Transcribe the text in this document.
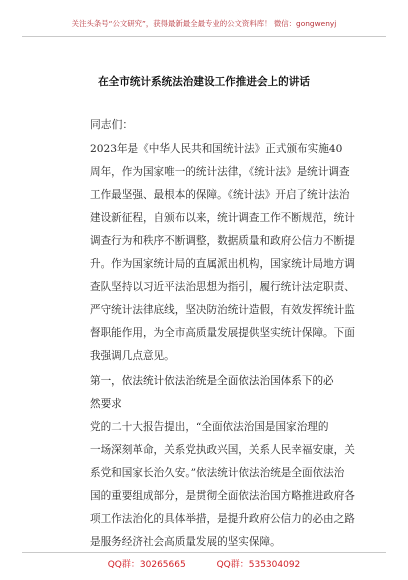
关注头条号“公文研究”，获得最新最全最专业的公文资料库！ 微信：gongwenyj
在全市统计系统法治建设工作推进会上的讲话
同志们：
2023年是《中华人民共和国统计法》正式颁布实施40
周年，作为国家唯一的统计法律，《统计法》是统计调查
工作最坚强、最根本的保障。《统计法》开启了统计法治
建设新征程，自颁布以来，统计调查工作不断规范，统计
调查行为和秩序不断调整，数据质量和政府公信力不断提
升。作为国家统计局的直属派出机构，国家统计局地方调
查队坚持以习近平法治思想为指引，履行统计法定职责、
严守统计法律底线，坚决防治统计造假，有效发挥统计监
督职能作用，为全市高质量发展提供坚实统计保障。下面
我强调几点意见。
第一，依法统计依法治统是全面依法治国体系下的必
然要求
党的二十大报告提出，“全面依法治国是国家治理的
一场深刻革命，关系党执政兴国，关系人民幸福安康，关
系党和国家长治久安。”依法统计依法治统是全面依法治
国的重要组成部分，是贯彻全面依法治国方略推进政府各
项工作法治化的具体举措，是提升政府公信力的必由之路
是服务经济社会高质量发展的坚实保障。
QQ群：30265665	QQ群：535304092
